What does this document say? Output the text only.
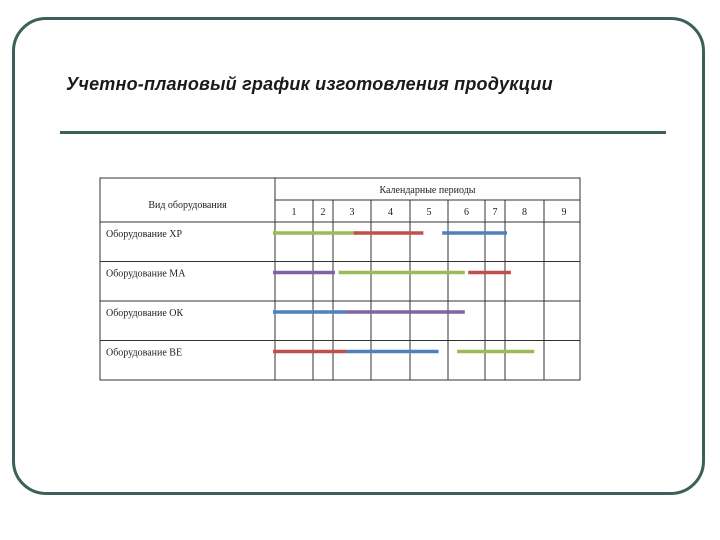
Учетно-плановый график изготовления продукции
Вид оборудования
Календарные периоды
1 2 3	4	5	6 7 8	9
Оборудование ХР
Оборудование МА
Оборудование ОК
Оборудование ВЕ
